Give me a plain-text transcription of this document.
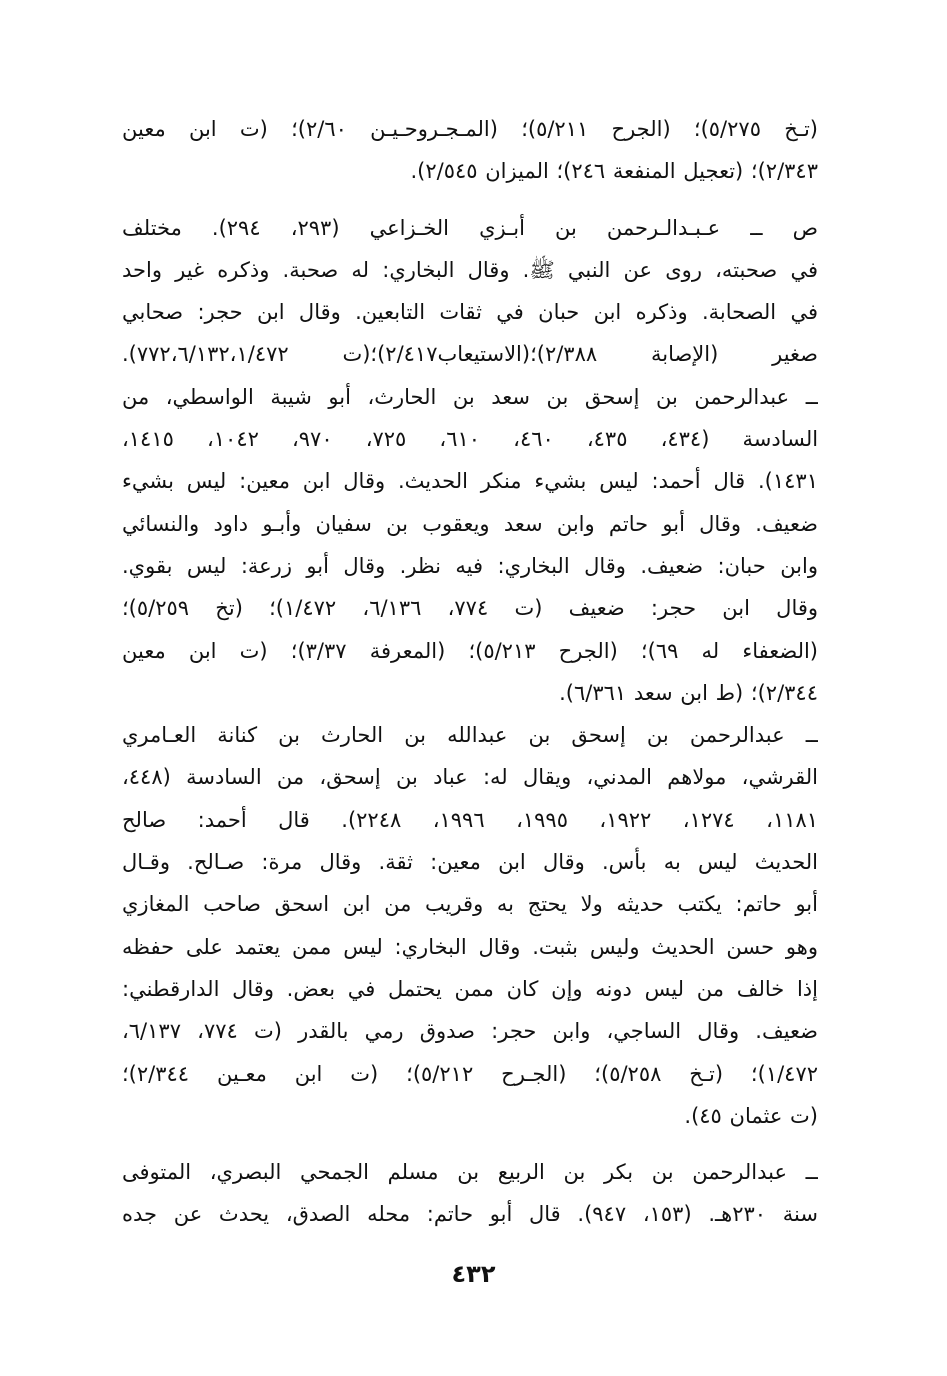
(تـخ ٥/٢٧٥)؛ (الجرح ٥/٢١١)؛ (المـجـروحـيـن ٢/٦٠)؛ (ت ابن معين
٢/٣٤٣)؛ (تعجيل المنفعة ٢٤٦)؛ الميزان ٢/٥٤٥).
ص ــ عـبـدالـرحمن بن أبـزي الخـزاعي (٢٩٣، ٢٩٤). مختلف
في صحبته، روى عن النبي ﷺ. وقال البخاري: له صحبة. وذكره غير واحد
في الصحابة. وذكره ابن حبان في ثقات التابعين. وقال ابن حجر: صحابي
صغير (الإصابة ٢/٣٨٨)؛(الاستيعاب٢/٤١٧)؛(ت ٧٧٢،٦/١٣٢،١/٤٧٢).
ــ عبدالرحمن بن إسحق بن سعد بن الحارث، أبو شيبة الواسطي، من
السادسة (٤٣٤، ٤٣٥، ٤٦٠، ٦١٠، ٧٢٥، ٩٧٠، ١٠٤٢، ١٤١٥،
١٤٣١). قال أحمد: ليس بشيء منكر الحديث. وقال ابن معين: ليس بشيء
ضعيف. وقال أبو حاتم وابن سعد ويعقوب بن سفيان وأبـو داود والنسائي
وابن حبان: ضعيف. وقال البخاري: فيه نظر. وقال أبو زرعة: ليس بقوي.
وقال ابن حجر: ضعيف (ت ٧٧٤، ٦/١٣٦، ١/٤٧٢)؛ (تخ ٥/٢٥٩)؛
(الضعفاء له ٦٩)؛ (الجرح ٥/٢١٣)؛ (المعرفة ٣/٣٧)؛ (ت ابن معين
٢/٣٤٤)؛ (ط ابن سعد ٦/٣٦١).
ــ عبدالرحمن بن إسحق بن عبدالله بن الحارث بن كنانة العـامري
القرشي، مولاهم المدني، ويقال له: عباد بن إسحق، من السادسة (٤٤٨،
١١٨١، ١٢٧٤، ١٩٢٢، ١٩٩٥، ١٩٩٦، ٢٢٤٨). قال أحمد: صالح
الحديث ليس به بأس. وقال ابن معين: ثقة. وقال مرة: صـالح. وقـال
أبو حاتم: يكتب حديثه ولا يحتج به وقريب من ابن اسحق صاحب المغازي
وهو حسن الحديث وليس بثبت. وقال البخاري: ليس ممن يعتمد على حفظه
إذا خالف من ليس دونه وإن كان ممن يحتمل في بعض. وقال الدارقطني:
ضعيف. وقال الساجي، وابن حجر: صدوق رمي بالقدر (ت ٧٧٤، ٦/١٣٧،
١/٤٧٢)؛ (تـخ ٥/٢٥٨)؛ (الجـرح ٥/٢١٢)؛ (ت ابن معـين ٢/٣٤٤)؛
(ت عثمان ٤٥).
ــ عبدالرحمن بن بكر بن الربيع بن مسلم الجمحي البصري، المتوفى
سنة ٢٣٠هـ. (١٥٣، ٩٤٧). قال أبو حاتم: محله الصدق، يحدث عن جده
٤٣٢
